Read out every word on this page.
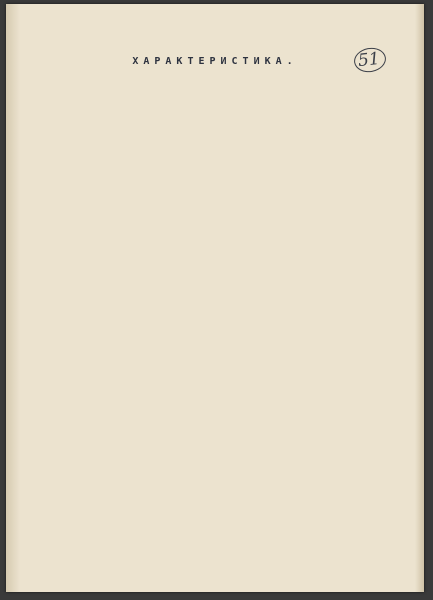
ХАРАКТЕРИСТИКА.	51
